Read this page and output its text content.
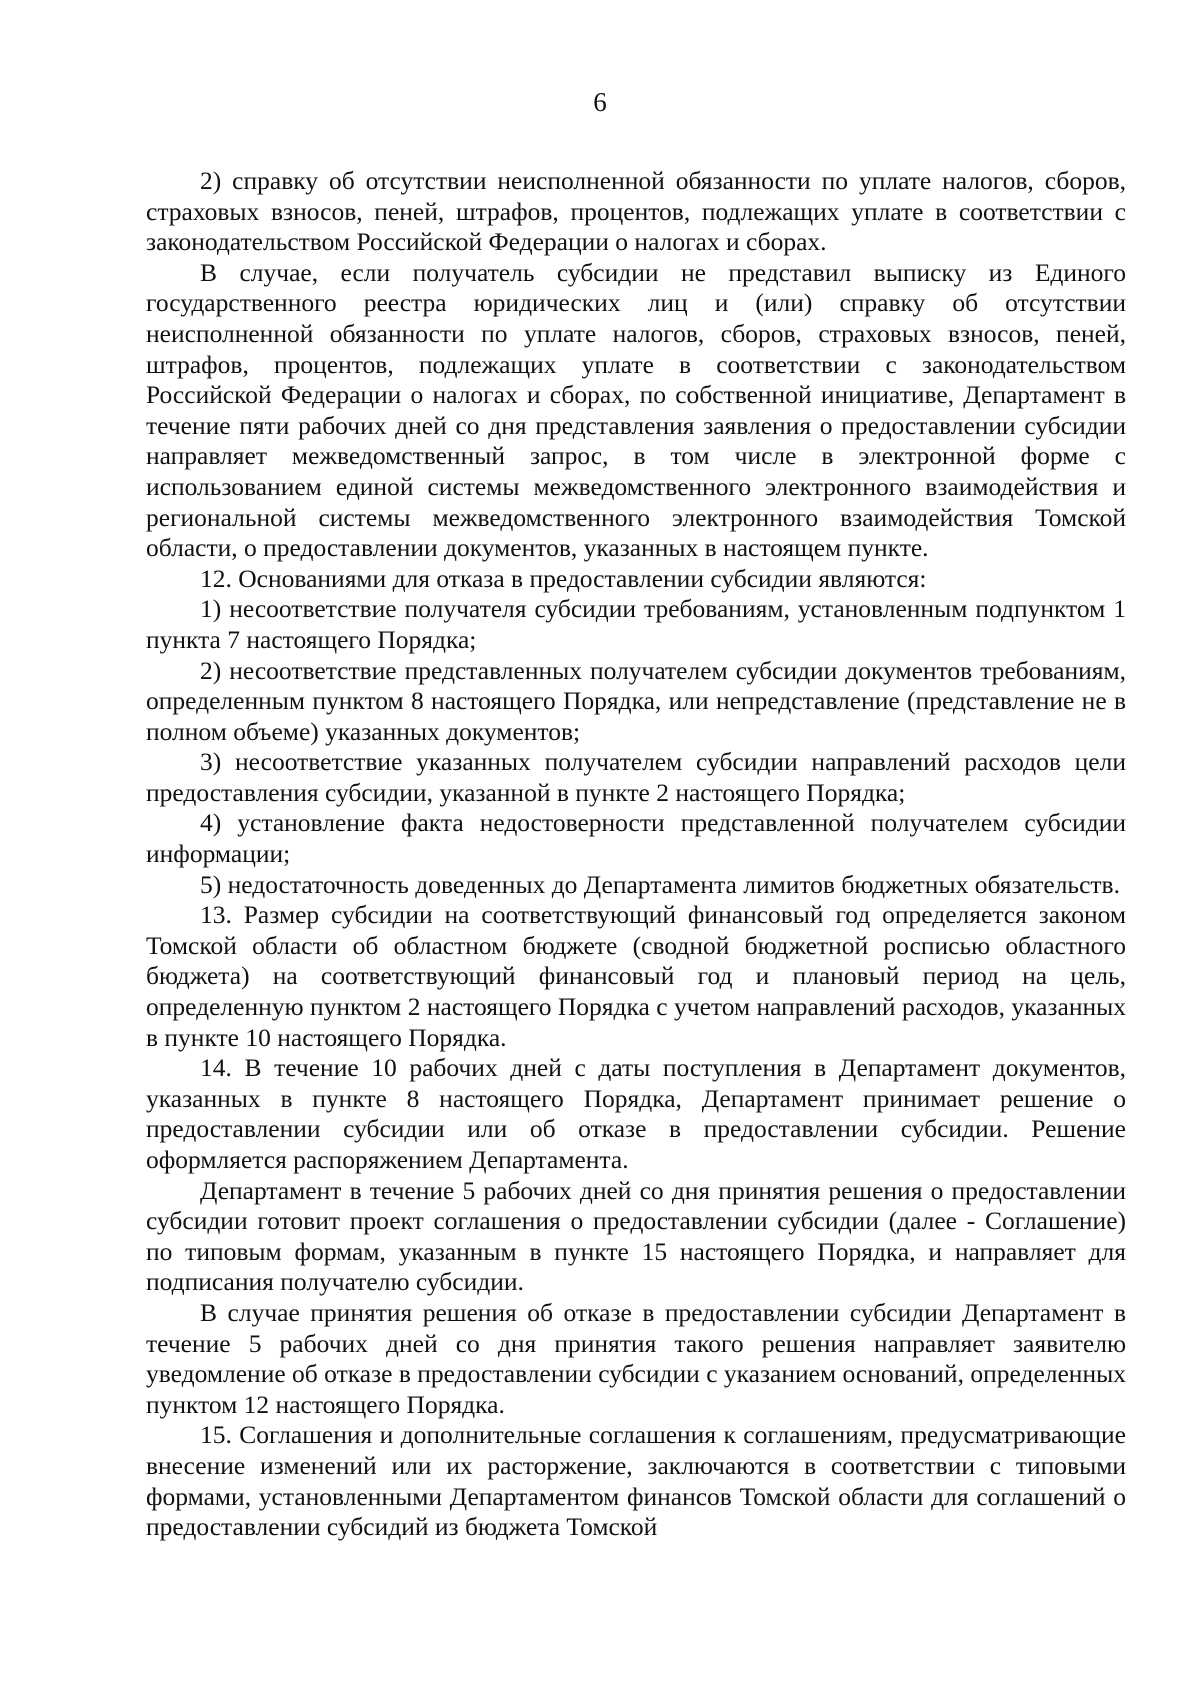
6

2) справку об отсутствии неисполненной обязанности по уплате налогов, сборов, страховых взносов, пеней, штрафов, процентов, подлежащих уплате в соответствии с законодательством Российской Федерации о налогах и сборах.

В случае, если получатель субсидии не представил выписку из Единого государственного реестра юридических лиц и (или) справку об отсутствии неисполненной обязанности по уплате налогов, сборов, страховых взносов, пеней, штрафов, процентов, подлежащих уплате в соответствии с законодательством Российской Федерации о налогах и сборах, по собственной инициативе, Департамент в течение пяти рабочих дней со дня представления заявления о предоставлении субсидии направляет межведомственный запрос, в том числе в электронной форме с использованием единой системы межведомственного электронного взаимодействия и региональной системы межведомственного электронного взаимодействия Томской области, о предоставлении документов, указанных в настоящем пункте.

12. Основаниями для отказа в предоставлении субсидии являются:

1) несоответствие получателя субсидии требованиям, установленным подпунктом 1 пункта 7 настоящего Порядка;

2) несоответствие представленных получателем субсидии документов требованиям, определенным пунктом 8 настоящего Порядка, или непредставление (представление не в полном объеме) указанных документов;

3) несоответствие указанных получателем субсидии направлений расходов цели предоставления субсидии, указанной в пункте 2 настоящего Порядка;

4) установление факта недостоверности представленной получателем субсидии информации;

5) недостаточность доведенных до Департамента лимитов бюджетных обязательств.

13. Размер субсидии на соответствующий финансовый год определяется законом Томской области об областном бюджете (сводной бюджетной росписью областного бюджета) на соответствующий финансовый год и плановый период на цель, определенную пунктом 2 настоящего Порядка с учетом направлений расходов, указанных в пункте 10 настоящего Порядка.

14. В течение 10 рабочих дней с даты поступления в Департамент документов, указанных в пункте 8 настоящего Порядка, Департамент принимает решение о предоставлении субсидии или об отказе в предоставлении субсидии. Решение оформляется распоряжением Департамента.

Департамент в течение 5 рабочих дней со дня принятия решения о предоставлении субсидии готовит проект соглашения о предоставлении субсидии (далее - Соглашение) по типовым формам, указанным в пункте 15 настоящего Порядка, и направляет для подписания получателю субсидии.

В случае принятия решения об отказе в предоставлении субсидии Департамент в течение 5 рабочих дней со дня принятия такого решения направляет заявителю уведомление об отказе в предоставлении субсидии с указанием оснований, определенных пунктом 12 настоящего Порядка.

15. Соглашения и дополнительные соглашения к соглашениям, предусматривающие внесение изменений или их расторжение, заключаются в соответствии с типовыми формами, установленными Департаментом финансов Томской области для соглашений о предоставлении субсидий из бюджета Томской
